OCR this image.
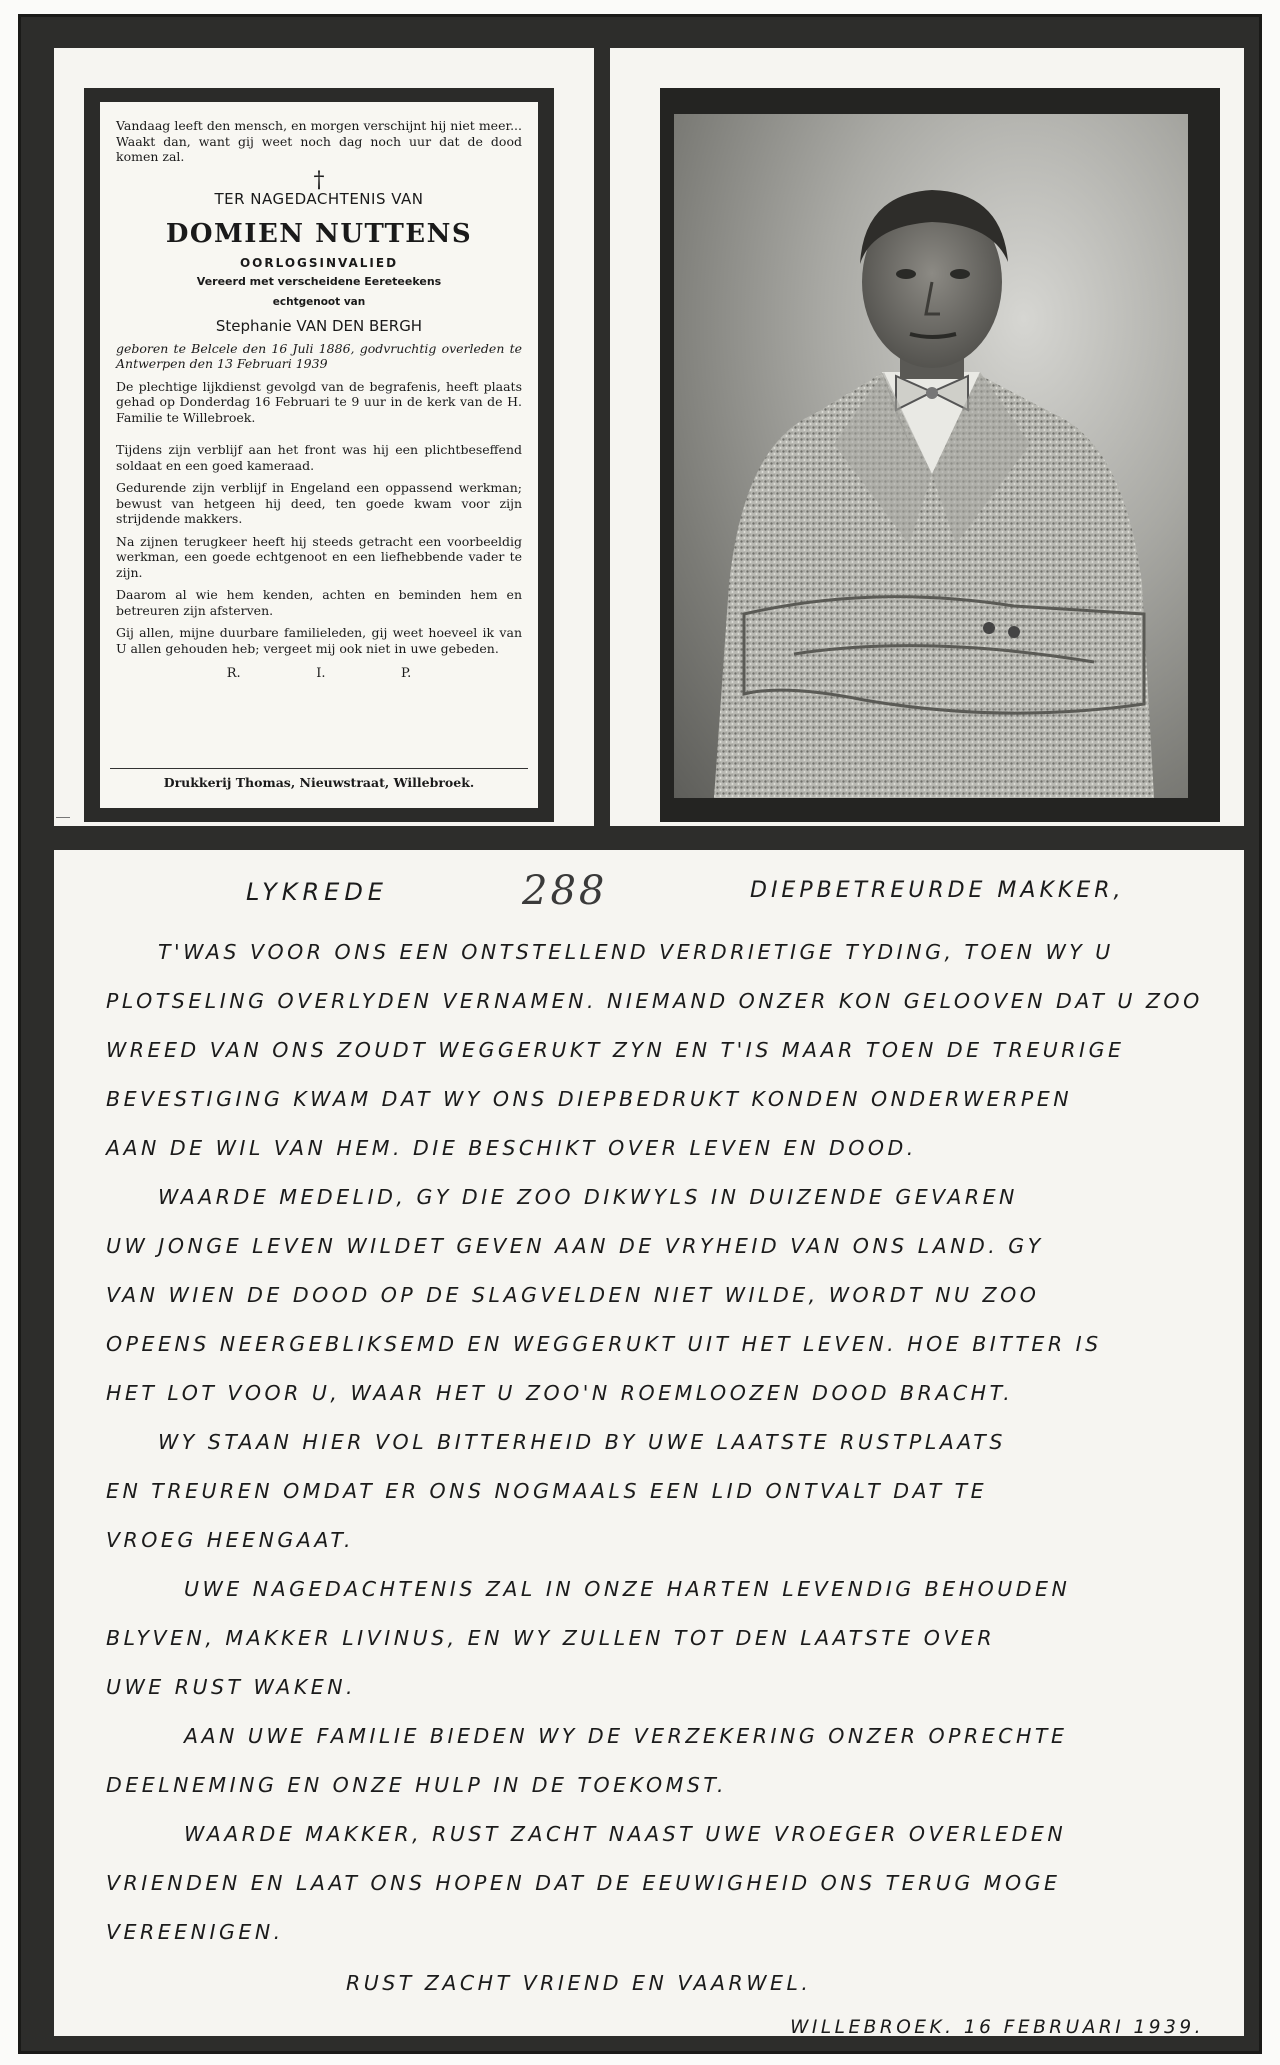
Vandaag leeft den mensch, en morgen verschijnt hij niet meer... Waakt dan, want gij weet noch dag noch uur dat de dood komen zal.
†
TER NAGEDACHTENIS VAN
DOMIEN NUTTENS
OORLOGSINVALIED
Vereerd met verscheidene Eereteekens
echtgenoot van
Stephanie VAN DEN BERGH
geboren te Belcele den 16 Juli 1886, godvruchtig overleden te Antwerpen den 13 Februari 1939
De plechtige lijkdienst gevolgd van de begrafenis, heeft plaats gehad op Donderdag 16 Februari te 9 uur in de kerk van de H. Familie te Willebroek.
Tijdens zijn verblijf aan het front was hij een plichtbeseffend soldaat en een goed kameraad.
Gedurende zijn verblijf in Engeland een oppassend werkman; bewust van hetgeen hij deed, ten goede kwam voor zijn strijdende makkers.
Na zijnen terugkeer heeft hij steeds getracht een voorbeeldig werkman, een goede echtgenoot en een liefhebbende vader te zijn.
Daarom al wie hem kenden, achten en beminden hem en betreuren zijn afsterven.
Gij allen, mijne duurbare familieleden, gij weet hoeveel ik van U allen gehouden heb; vergeet mij ook niet in uwe gebeden.
R.	I.	P.
Drukkerij Thomas, Nieuwstraat, Willebroek.
LYKREDE	288	DIEPBETREURDE MAKKER,
T'WAS VOOR ONS EEN ONTSTELLEND VERDRIETIGE TYDING, TOEN WY U
PLOTSELING OVERLYDEN VERNAMEN. NIEMAND ONZER KON GELOOVEN DAT U ZOO
WREED VAN ONS ZOUDT WEGGERUKT ZYN EN T'IS MAAR TOEN DE TREURIGE
BEVESTIGING KWAM DAT WY ONS DIEPBEDRUKT KONDEN ONDERWERPEN
AAN DE WIL VAN HEM. DIE BESCHIKT OVER LEVEN EN DOOD.
WAARDE MEDELID, GY DIE ZOO DIKWYLS IN DUIZENDE GEVAREN
UW JONGE LEVEN WILDET GEVEN AAN DE VRYHEID VAN ONS LAND. GY
VAN WIEN DE DOOD OP DE SLAGVELDEN NIET WILDE, WORDT NU ZOO
OPEENS NEERGEBLIKSEMD EN WEGGERUKT UIT HET LEVEN. HOE BITTER IS
HET LOT VOOR U, WAAR HET U ZOO'N ROEMLOOZEN DOOD BRACHT.
WY STAAN HIER VOL BITTERHEID BY UWE LAATSTE RUSTPLAATS
EN TREUREN OMDAT ER ONS NOGMAALS EEN LID ONTVALT DAT TE
VROEG HEENGAAT.
UWE NAGEDACHTENIS ZAL IN ONZE HARTEN LEVENDIG BEHOUDEN
BLYVEN, MAKKER LIVINUS, EN WY ZULLEN TOT DEN LAATSTE OVER
UWE RUST WAKEN.
AAN UWE FAMILIE BIEDEN WY DE VERZEKERING ONZER OPRECHTE
DEELNEMING EN ONZE HULP IN DE TOEKOMST.
WAARDE MAKKER, RUST ZACHT NAAST UWE VROEGER OVERLEDEN
VRIENDEN EN LAAT ONS HOPEN DAT DE EEUWIGHEID ONS TERUG MOGE
VEREENIGEN.
RUST ZACHT VRIEND EN VAARWEL.
WILLEBROEK. 16 FEBRUARI 1939.
